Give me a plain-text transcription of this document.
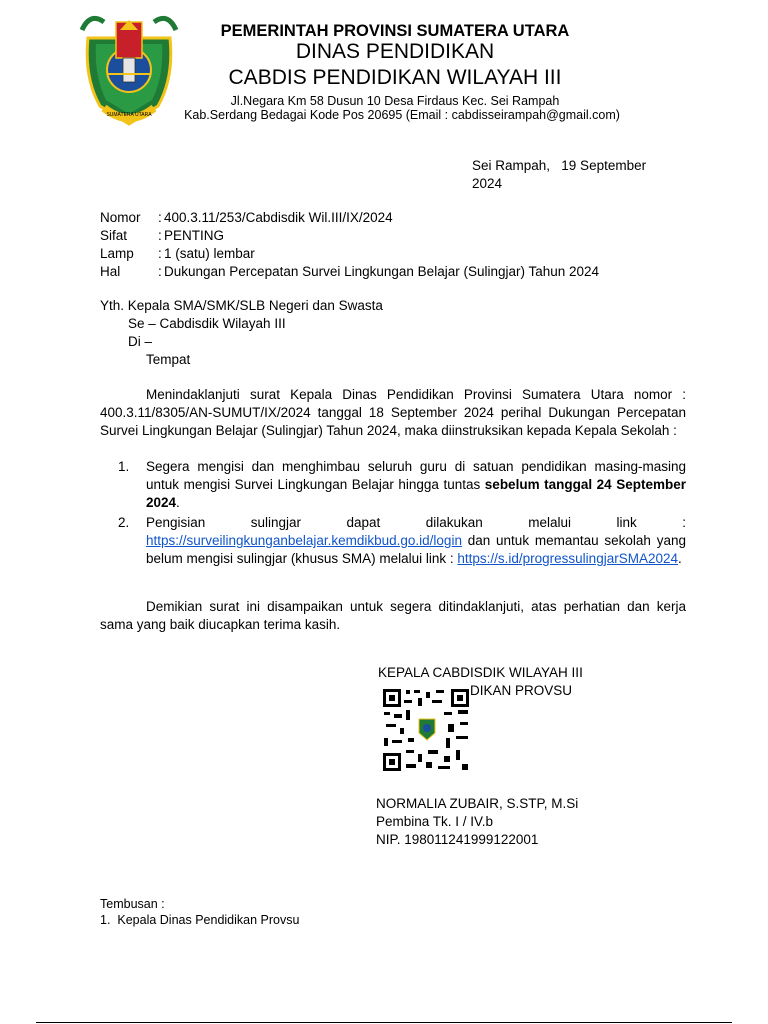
SUMATERA UTARA
PEMERINTAH PROVINSI SUMATERA UTARA
DINAS PENDIDIKAN
CABDIS PENDIDIKAN WILAYAH III
Jl.Negara Km 58 Dusun 10 Desa Firdaus Kec. Sei Rampah
Kab.Serdang Bedagai Kode Pos 20695 (Email : cabdisseirampah@gmail.com)
Sei Rampah,   19 September
2024
Nomor	: 400.3.11/253/Cabdisdik Wil.III/IX/2024
Sifat	: PENTING
Lamp	: 1 (satu) lembar
Hal	: Dukungan Percepatan Survei Lingkungan Belajar (Sulingjar) Tahun 2024
Yth. Kepala SMA/SMK/SLB Negeri dan Swasta
Se – Cabdisdik Wilayah III
Di –
Tempat
Menindaklanjuti surat Kepala Dinas Pendidikan Provinsi Sumatera Utara nomor : 400.3.11/8305/AN-SUMUT/IX/2024 tanggal 18 September 2024 perihal Dukungan Percepatan Survei Lingkungan Belajar (Sulingjar) Tahun 2024, maka diinstruksikan kepada Kepala Sekolah :
1.	Segera mengisi dan menghimbau seluruh guru di satuan pendidikan masing-masing untuk mengisi Survei Lingkungan Belajar hingga tuntas sebelum tanggal 24 September 2024.
2.	Pengisian sulingjar dapat dilakukan melalui link : https://surveilingkunganbelajar.kemdikbud.go.id/login dan untuk memantau sekolah yang belum mengisi sulingjar (khusus SMA) melalui link : https://s.id/progressulingjarSMA2024.
Demikian surat ini disampaikan untuk segera ditindaklanjuti, atas perhatian dan kerja sama yang baik diucapkan terima kasih.
KEPALA CABDISDIK WILAYAH III
DIKAN PROVSU
NORMALIA ZUBAIR, S.STP, M.Si
Pembina Tk. I / IV.b
NIP. 198011241999122001
Tembusan :
1.  Kepala Dinas Pendidikan Provsu
